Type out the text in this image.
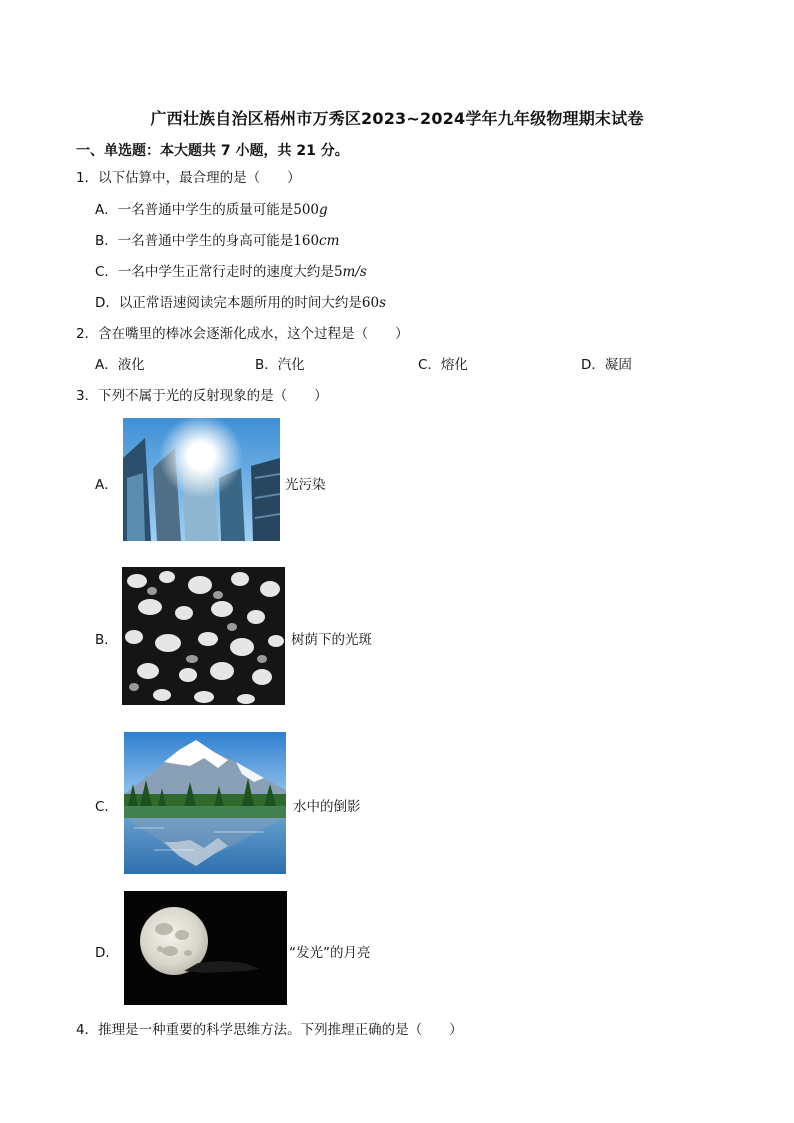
广西壮族自治区梧州市万秀区2023~2024学年九年级物理期末试卷
一、单选题：本大题共 7 小题，共 21 分。
1．以下估算中，最合理的是（　　）
A．一名普通中学生的质量可能是500g
B．一名普通中学生的身高可能是160cm
C．一名中学生正常行走时的速度大约是5m/s
D．以正常语速阅读完本题所用的时间大约是60s
2．含在嘴里的棒冰会逐渐化成水，这个过程是（　　）
A．液化	B．汽化	C．熔化	D．凝固
3．下列不属于光的反射现象的是（　　）
A．	光污染
B．	树荫下的光斑
C．	水中的倒影
D．	“发光”的月亮
4．推理是一种重要的科学思维方法。下列推理正确的是（　　）
